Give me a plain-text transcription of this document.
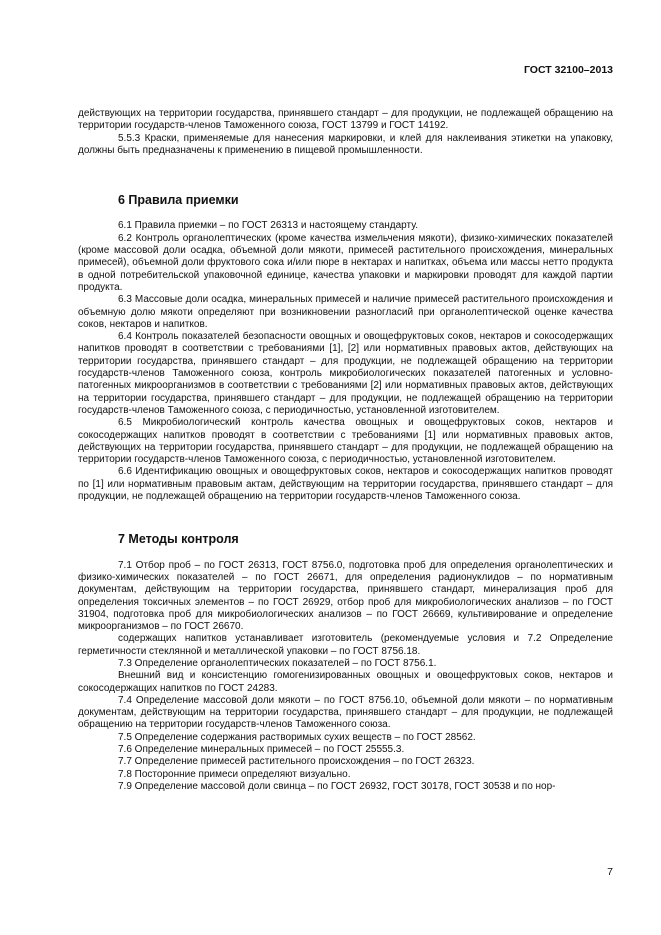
ГОСТ 32100–2013

действующих на территории государства, принявшего стандарт – для продукции, не подлежащей обращению на территории государств-членов Таможенного союза, ГОСТ 13799 и ГОСТ 14192.

5.5.3 Краски, применяемые для нанесения маркировки, и клей для наклеивания этикетки на упаковку, должны быть предназначены к применению в пищевой промышленности.

6 Правила приемки

6.1 Правила приемки – по ГОСТ 26313 и настоящему стандарту.

6.2 Контроль органолептических (кроме качества измельчения мякоти), физико-химических показателей (кроме массовой доли осадка, объемной доли мякоти, примесей растительного происхождения, минеральных примесей), объемной доли фруктового сока и/или пюре в нектарах и напитках, объема или массы нетто продукта в одной потребительской упаковочной единице, качества упаковки и маркировки проводят для каждой партии продукта.

6.3 Массовые доли осадка, минеральных примесей и наличие примесей растительного происхождения и объемную долю мякоти определяют при возникновении разногласий при органолептической оценке качества соков, нектаров и напитков.

6.4 Контроль показателей безопасности овощных и овощефруктовых соков, нектаров и сокосодержащих напитков проводят в соответствии с требованиями [1], [2] или нормативных правовых актов, действующих на территории государства, принявшего стандарт – для продукции, не подлежащей обращению на территории государств-членов Таможенного союза, контроль микробиологических показателей патогенных и условно-патогенных микроорганизмов в соответствии с требованиями [2] или нормативных правовых актов, действующих на территории государства, принявшего стандарт – для продукции, не подлежащей обращению на территории государств-членов Таможенного союза, с периодичностью, установленной изготовителем.

6.5 Микробиологический контроль качества овощных и овощефруктовых соков, нектаров и сокосодержащих напитков проводят в соответствии с требованиями [1] или нормативных правовых актов, действующих на территории государства, принявшего стандарт – для продукции, не подлежащей обращению на территории государств-членов Таможенного союза, с периодичностью, установленной изготовителем.

6.6 Идентификацию овощных и овощефруктовых соков, нектаров и сокосодержащих напитков проводят по [1] или нормативным правовым актам, действующим на территории государства, принявшего стандарт – для продукции, не подлежащей обращению на территории государств-членов Таможенного союза.

7 Методы контроля

7.1 Отбор проб – по ГОСТ 26313, ГОСТ 8756.0, подготовка проб для определения органолептических и физико-химических показателей – по ГОСТ 26671, для определения радионуклидов – по нормативным документам, действующим на территории государства, принявшего стандарт, минерализация проб для определения токсичных элементов – по ГОСТ 26929, отбор проб для микробиологических анализов – по ГОСТ 31904, подготовка проб для микробиологических анализов – по ГОСТ 26669, культивирование и определение микроорганизмов – по ГОСТ 26670.

содержащих напитков устанавливает изготовитель (рекомендуемые условия и 7.2 Определение герметичности стеклянной и металлической упаковки – по ГОСТ 8756.18.

7.3 Определение органолептических показателей – по ГОСТ 8756.1.

Внешний вид и консистенцию гомогенизированных овощных и овощефруктовых соков, нектаров и сокосодержащих напитков по ГОСТ 24283.

7.4 Определение массовой доли мякоти – по ГОСТ 8756.10, объемной доли мякоти – по нормативным документам, действующим на территории государства, принявшего стандарт – для продукции, не подлежащей обращению на территории государств-членов Таможенного союза.

7.5 Определение содержания растворимых сухих веществ – по ГОСТ 28562.

7.6 Определение минеральных примесей – по ГОСТ 25555.3.

7.7 Определение примесей растительного происхождения – по ГОСТ 26323.

7.8 Посторонние примеси определяют визуально.

7.9 Определение массовой доли свинца – по ГОСТ 26932, ГОСТ 30178, ГОСТ 30538 и по нор-

7
